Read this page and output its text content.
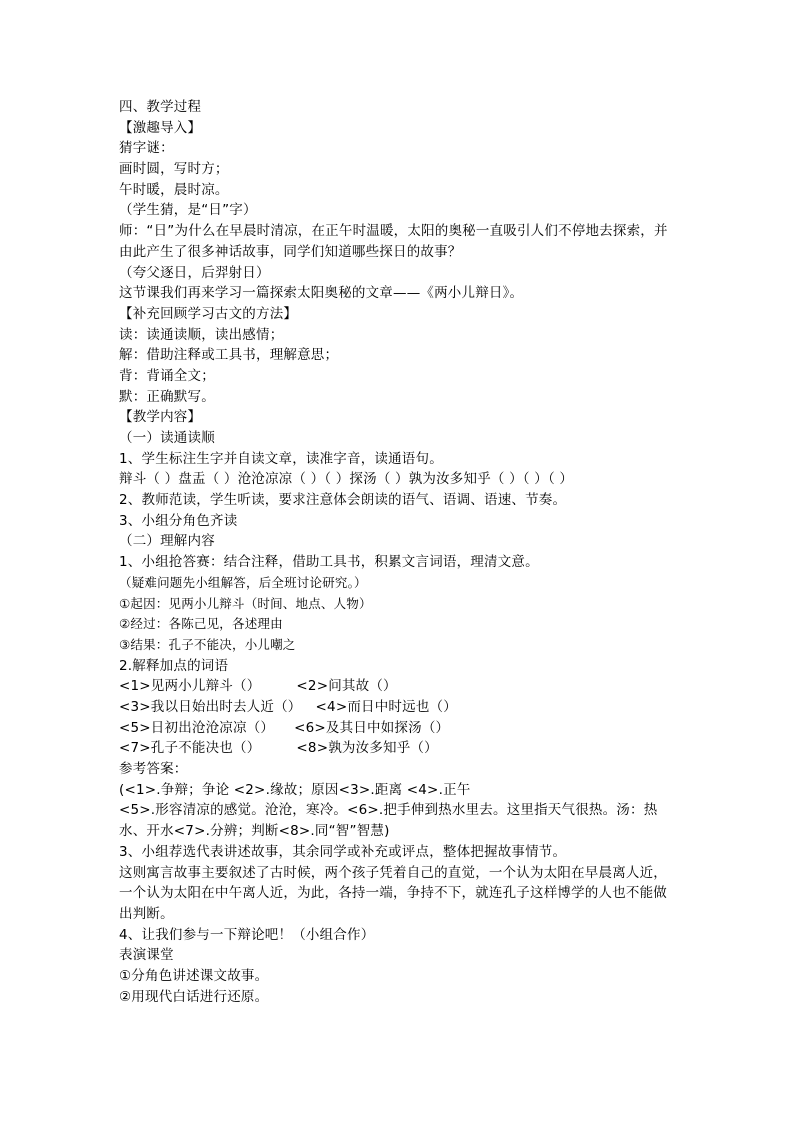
四、教学过程
【激趣导入】
猜字谜：
画时圆，写时方；
午时暖，晨时凉。
（学生猜，是“日”字）
师：“日”为什么在早晨时清凉，在正午时温暖，太阳的奥秘一直吸引人们不停地去探索，并由此产生了很多神话故事，同学们知道哪些探日的故事？
（夸父逐日，后羿射日）
这节课我们再来学习一篇探索太阳奥秘的文章——《两小儿辩日》。
【补充回顾学习古文的方法】
读：读通读顺，读出感情；
解：借助注释或工具书，理解意思；
背：背诵全文；
默：正确默写。
【教学内容】
（一）读通读顺
1、学生标注生字并自读文章，读准字音，读通语句。
辩斗（ ）盘盂（ ）沧沧凉凉（ ）（ ）探汤（ ）孰为汝多知乎（ ）（ ）（ ）
2、教师范读，学生听读，要求注意体会朗读的语气、语调、语速、节奏。
3、小组分角色齐读
（二）理解内容
1、小组抢答赛：结合注释，借助工具书，积累文言词语，理清文意。
（疑难问题先小组解答，后全班讨论研究。）
①起因：见两小儿辩斗（时间、地点、人物）
②经过：各陈己见，各述理由
③结果：孔子不能决，小儿嘲之
2.解释加点的词语
<1>见两小儿辩斗（）	<2>问其故（）
<3>我以日始出时去人近（） <4>而日中时远也（）
<5>日初出沧沧凉凉（） <6>及其日中如探汤（）
<7>孔子不能决也（）	<8>孰为汝多知乎（）
参考答案：
(<1>.争辩；争论 <2>.缘故；原因<3>.距离 <4>.正午
<5>.形容清凉的感觉。沧沧，寒冷。<6>.把手伸到热水里去。这里指天气很热。汤：热水、开水<7>.分辨；判断<8>.同“智”智慧)
3、小组荐选代表讲述故事，其余同学或补充或评点，整体把握故事情节。
这则寓言故事主要叙述了古时候，两个孩子凭着自己的直觉，一个认为太阳在早晨离人近，一个认为太阳在中午离人近，为此，各持一端，争持不下，就连孔子这样博学的人也不能做出判断。
4、让我们参与一下辩论吧！（小组合作）
表演课堂
①分角色讲述课文故事。
②用现代白话进行还原。
